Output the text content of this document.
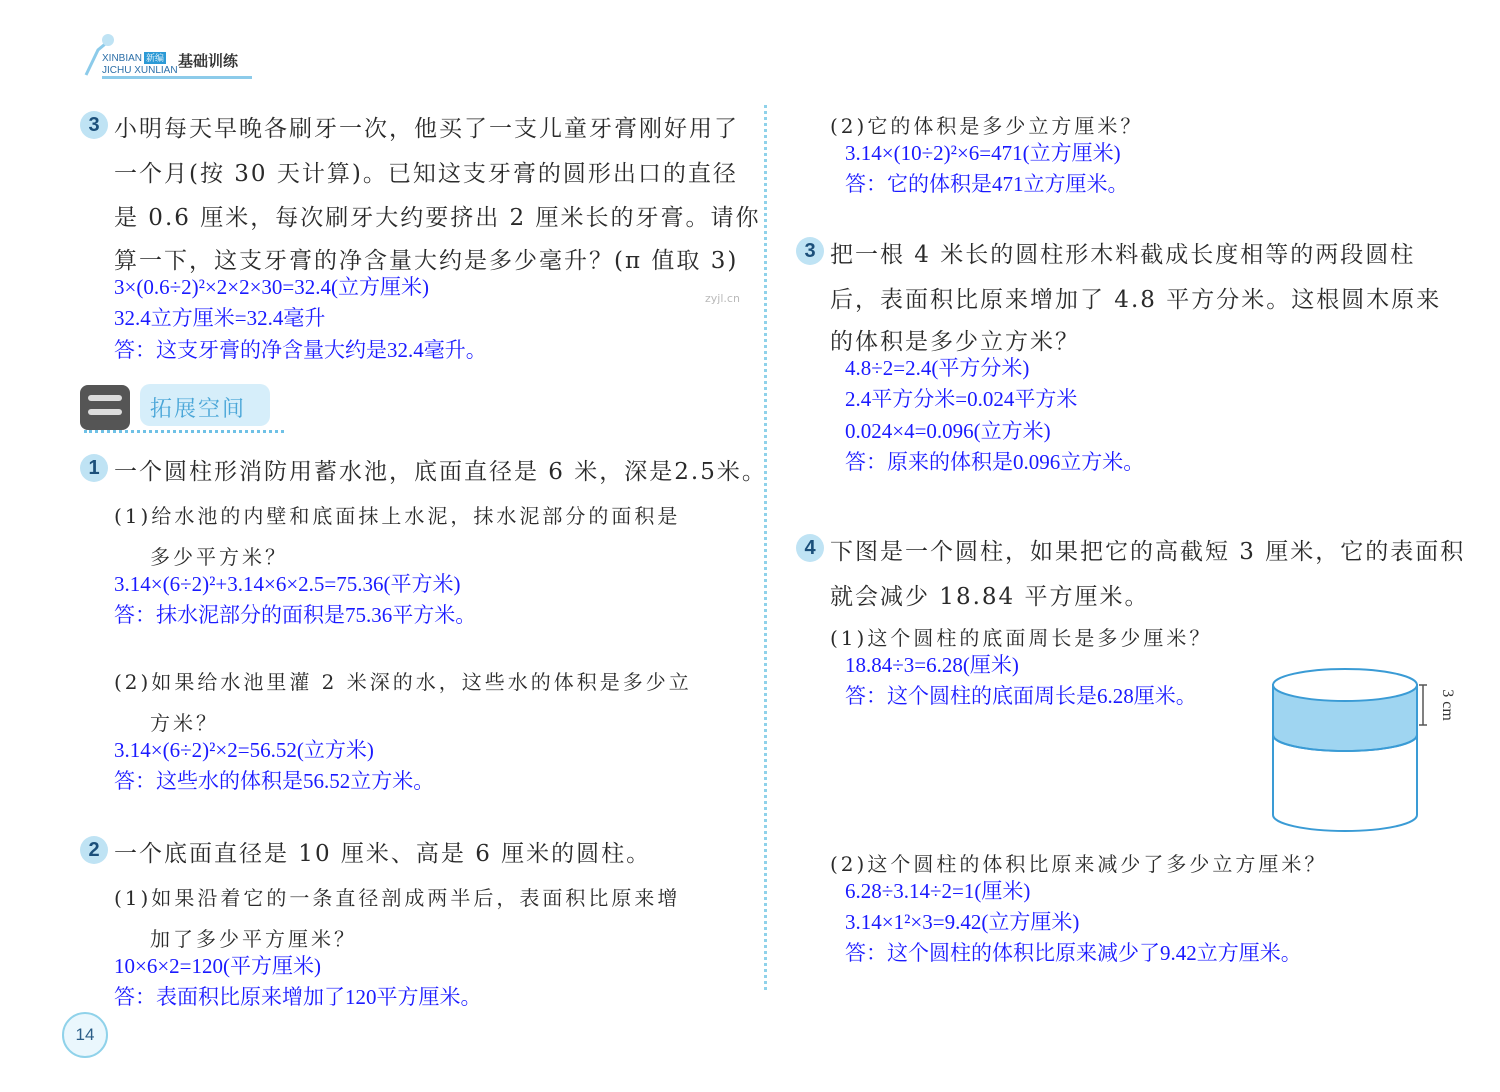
XINBIAN 新编
JICHU XUNLIAN
基础训练
3 小明每天早晚各刷牙一次，他买了一支儿童牙膏刚好用了
一个月(按 30 天计算)。已知这支牙膏的圆形出口的直径
是 0.6 厘米，每次刷牙大约要挤出 2 厘米长的牙膏。请你
算一下，这支牙膏的净含量大约是多少毫升？(π 值取 3)
3×(0.6÷2)²×2×2×30=32.4(立方厘米)
32.4立方厘米=32.4毫升
答：这支牙膏的净含量大约是32.4毫升。
zyjl.cn
拓展空间
1 一个圆柱形消防用蓄水池，底面直径是 6 米，深是2.5米。
(1)给水池的内壁和底面抹上水泥，抹水泥部分的面积是
多少平方米？
3.14×(6÷2)²+3.14×6×2.5=75.36(平方米)
答：抹水泥部分的面积是75.36平方米。
(2)如果给水池里灌 2 米深的水，这些水的体积是多少立
方米？
3.14×(6÷2)²×2=56.52(立方米)
答：这些水的体积是56.52立方米。
2 一个底面直径是 10 厘米、高是 6 厘米的圆柱。
(1)如果沿着它的一条直径剖成两半后，表面积比原来增
加了多少平方厘米？
10×6×2=120(平方厘米)
答：表面积比原来增加了120平方厘米。
14
(2)它的体积是多少立方厘米？
3.14×(10÷2)²×6=471(立方厘米)
答：它的体积是471立方厘米。
3 把一根 4 米长的圆柱形木料截成长度相等的两段圆柱
后，表面积比原来增加了 4.8 平方分米。这根圆木原来
的体积是多少立方米？
4.8÷2=2.4(平方分米)
2.4平方分米=0.024平方米
0.024×4=0.096(立方米)
答：原来的体积是0.096立方米。
4 下图是一个圆柱，如果把它的高截短 3 厘米，它的表面积
就会减少 18.84 平方厘米。
(1)这个圆柱的底面周长是多少厘米？
18.84÷3=6.28(厘米)
答：这个圆柱的底面周长是6.28厘米。	3 cm
(2)这个圆柱的体积比原来减少了多少立方厘米？
6.28÷3.14÷2=1(厘米)
3.14×1²×3=9.42(立方厘米)
答：这个圆柱的体积比原来减少了9.42立方厘米。
